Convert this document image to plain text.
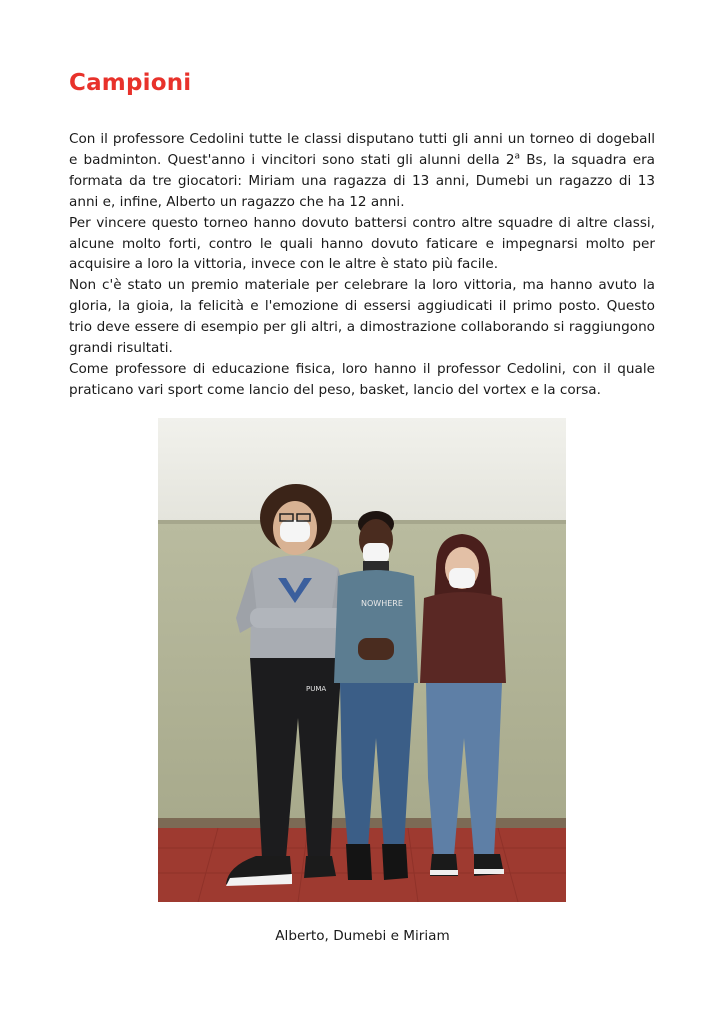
Campioni

Con il professore Cedolini tutte le classi disputano tutti gli anni un torneo di dogeball e badminton. Quest'anno i vincitori sono stati gli alunni della 2$^a$ Bs, la squadra era formata da tre giocatori: Miriam una ragazza di 13 anni, Dumebi un ragazzo di 13 anni e, infine, Alberto un ragazzo che ha 12 anni.

Per vincere questo torneo hanno dovuto battersi contro altre squadre di altre classi, alcune molto forti, contro le quali hanno dovuto faticare e impegnarsi molto per acquisire a loro la vittoria, invece con le altre è stato più facile.

Non c'è stato un premio materiale per celebrare la loro vittoria, ma hanno avuto la gloria, la gioia, la felicità e l'emozione di essersi aggiudicati il primo posto. Questo trio deve essere di esempio per gli altri, a dimostrazione collaborando si raggiungono grandi risultati.

Come professore di educazione fisica, loro hanno il professor Cedolini, con il quale praticano vari sport come lancio del peso, basket, lancio del vortex e la corsa.

PUMA
NOWHERE
Alberto, Dumebi e Miriam
